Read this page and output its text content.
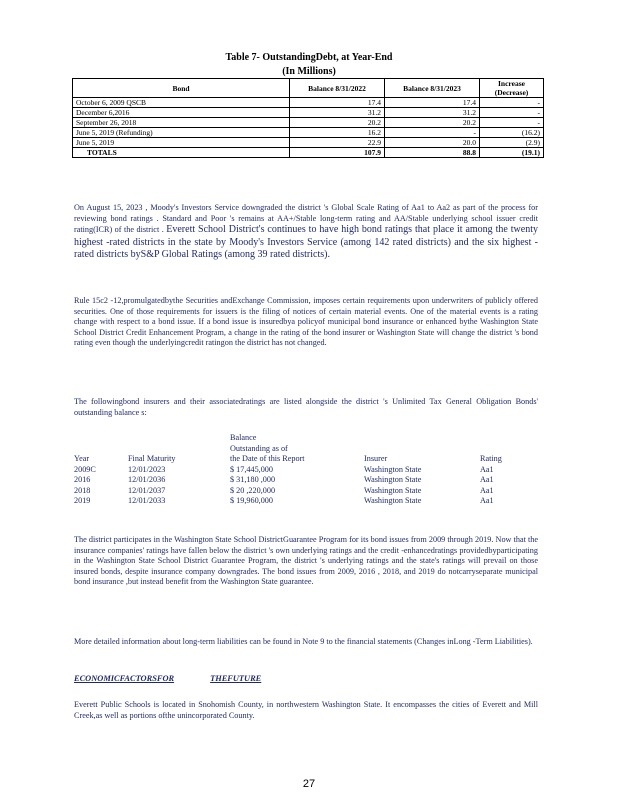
Table 7- OutstandingDebt, at Year-End
(In Millions)
Bond	Balance 8/31/2022	Balance 8/31/2023	Increase (Decrease)
October 6, 2009 QSCB	17.4	17.4	-
December 6,2016	31.2	31.2	-
September 26, 2018	20.2	20.2	-
June 5, 2019 (Refunding)	16.2	-	(16.2)
June 5, 2019	22.9	20.0	(2.9)
TOTALS	107.9	88.8	(19.1)
On August 15, 2023 , Moody's Investors Service downgraded the district 's Global Scale Rating of Aa1 to Aa2 as part of the process for reviewing bond ratings . Standard and Poor 's remains at AA+/Stable long-term rating and AA/Stable underlying school issuer credit rating(ICR) of the district . Everett School District's continues to have high bond ratings that place it among the twenty highest -rated districts in the state by Moody's Investors Service (among 142 rated districts) and the six highest -rated districts byS&P Global Ratings (among 39 rated districts).
Rule 15c2 -12,promulgatedbythe Securities andExchange Commission, imposes certain requirements upon underwriters of publicly offered securities. One of those requirements for issuers is the filing of notices of certain material events. One of the material events is a rating change with respect to a bond issue. If a bond issue is insuredbya policyof municipal bond insurance or enhanced bythe Washington State School District Credit Enhancement Program, a change in the rating of the bond insurer or Washington State will change the district 's bond rating even though the underlyingcredit ratingon the district has not changed.
The followingbond insurers and their associatedratings are listed alongside the district 's Unlimited Tax General Obligation Bonds' outstanding balance s:
Balance
Outstanding as of
Year	Final Maturity	the Date of this Report	Insurer	Rating
2009C	12/01/2023	$ 17,445,000	Washington State	Aa1
2016	12/01/2036	$ 31,180 ,000	Washington State	Aa1
2018	12/01/2037	$ 20 ,220,000	Washington State	Aa1
2019	12/01/2033	$ 19,960,000	Washington State	Aa1
The district participates in the Washington State School DistrictGuarantee Program for its bond issues from 2009 through 2019. Now that the insurance companies' ratings have fallen below the district 's own underlying ratings and the credit -enhancedratings providedbyparticipating in the Washington State School District Guarantee Program, the district 's underlying ratings and the state's ratings will prevail on those insured bonds, despite insurance company downgrades. The bond issues from 2009, 2016 , 2018, and 2019 do notcarryseparate municipal bond insurance ,but instead benefit from the Washington State guarantee.
More detailed information about long-term liabilities can be found in Note 9 to the financial statements (Changes inLong -Term Liabilities).
ECONOMICFACTORSFOR	THEFUTURE
Everett Public Schools is located in Snohomish County, in northwestern Washington State. It encompasses the cities of Everett and Mill Creek,as well as portions ofthe unincorporated County.
27
